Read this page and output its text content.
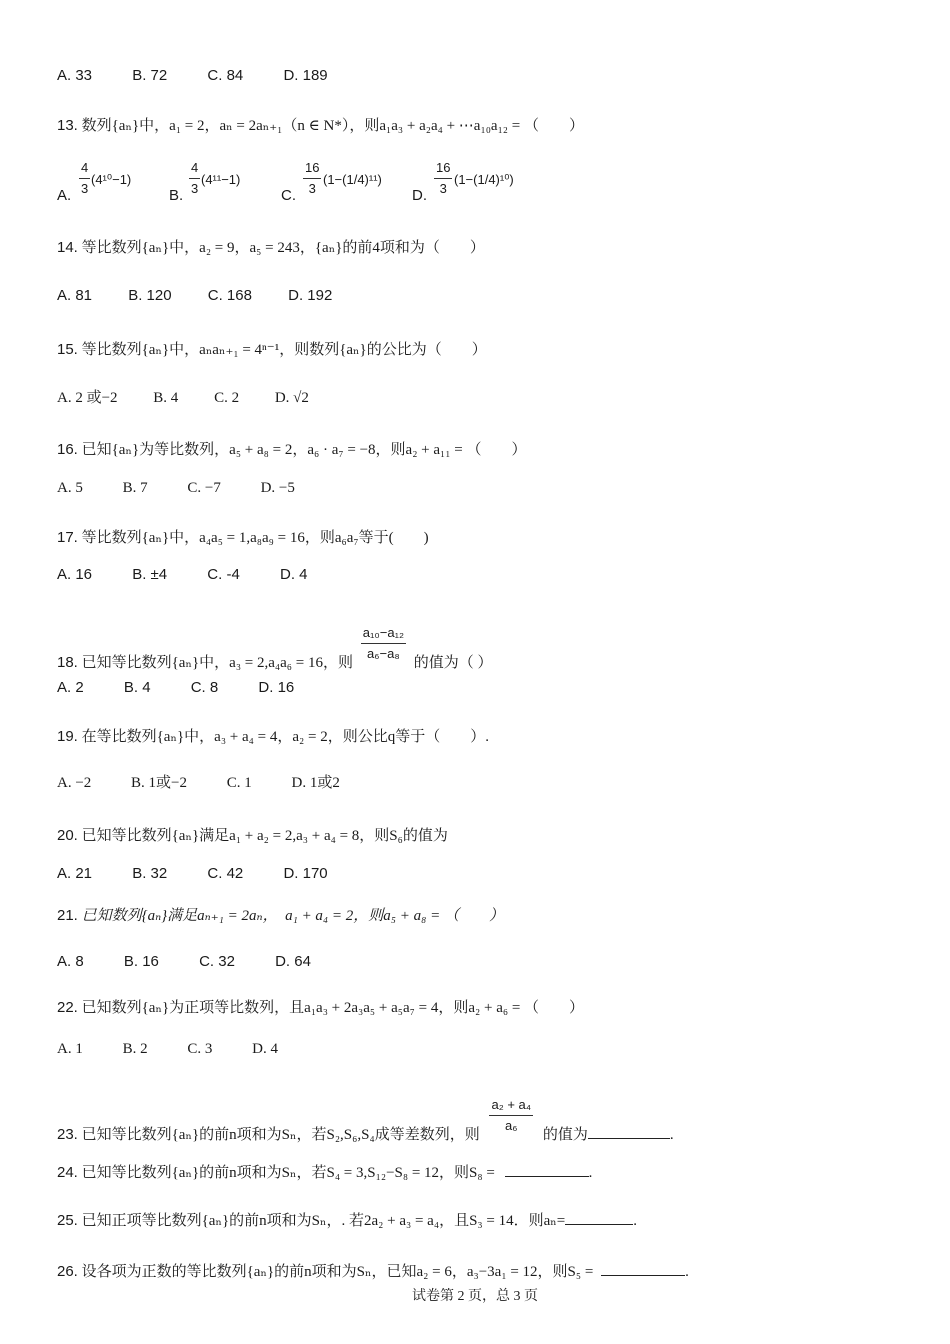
A. 33	B. 72	C. 84	D. 189
13. 数列{aₙ}中，a₁ = 2，aₙ = 2aₙ₊₁（n ∈ N*），则a₁a₃ + a₂a₄ + ⋯a₁₀a₁₂ = （　　）
A. $\frac{4}{3} (4^{10}-1)$
B. $\frac{4}{3} (4^{11}-1)$
C. $\frac{16}{3} (1-(1/4)^{11})$
D. $\frac{16}{3} (1-(1/4)^{10})$
14. 等比数列{aₙ}中，a₂ = 9，a₅ = 243，{aₙ}的前4项和为（　　）
A. 81 B. 120 C. 168 D. 192
15. 等比数列{aₙ}中，aₙaₙ₊₁ = 4ⁿ⁻¹，则数列{aₙ}的公比为（　　）
A. 2 或−2 B. 4 C. 2 D. √2
16. 已知{aₙ}为等比数列，a₅ + a₈ = 2，a₆ · a₇ = −8，则a₂ + a₁₁ = （　　）
A. 5	B. 7	C. −7	D. −5
17. 等比数列{aₙ}中，a₄a₅ = 1,a₈a₉ = 16，则a₆a₇等于(　　)
A. 16	B. ±4	C. -4	D. 4
18. 已知等比数列{aₙ}中，a₃ = 2,a₄a₆ = 16，则 $\frac{\text{a₁₀−a₁₂}}{\text{a₆−a₈}}$ 的值为（ ）
A. 2	B. 4	C. 8	D. 16
19. 在等比数列{aₙ}中，a₃ + a₄ = 4，a₂ = 2，则公比q等于（　　）.
A. −2	B. 1或−2	C. 1	D. 1或2
20. 已知等比数列{aₙ}满足a₁ + a₂ = 2,a₃ + a₄ = 8，则S₆的值为
A. 21	B. 32	C. 42	D. 170
21. 已知数列{aₙ}满足aₙ₊₁ = 2aₙ，　a₁ + a₄ = 2，则a₅ + a₈ = （　　）
A. 8	B. 16	C. 32	D. 64
22. 已知数列{aₙ}为正项等比数列，且a₁a₃ + 2a₃a₅ + a₅a₇ = 4，则a₂ + a₆ = （　　）
A. 1	B. 2	C. 3	D. 4
23. 已知等比数列{aₙ}的前n项和为Sₙ，若S₂,S₆,S₄成等差数列，则 $\frac{\text{a₂ + a₄}}{\text{a₆}}$ 的值为	.
24. 已知等比数列{aₙ}的前n项和为Sₙ，若S₄ = 3,S₁₂−S₈ = 12，则S₈ =	.
25. 已知正项等比数列{aₙ}的前n项和为Sₙ，. 若2a₂ + a₃ = a₄，且S₃ = 14．则aₙ=	.
26. 设各项为正数的等比数列{aₙ}的前n项和为Sₙ，已知a₂ = 6，a₃−3a₁ = 12，则S₅ =	.
试卷第 2 页，总 3 页
